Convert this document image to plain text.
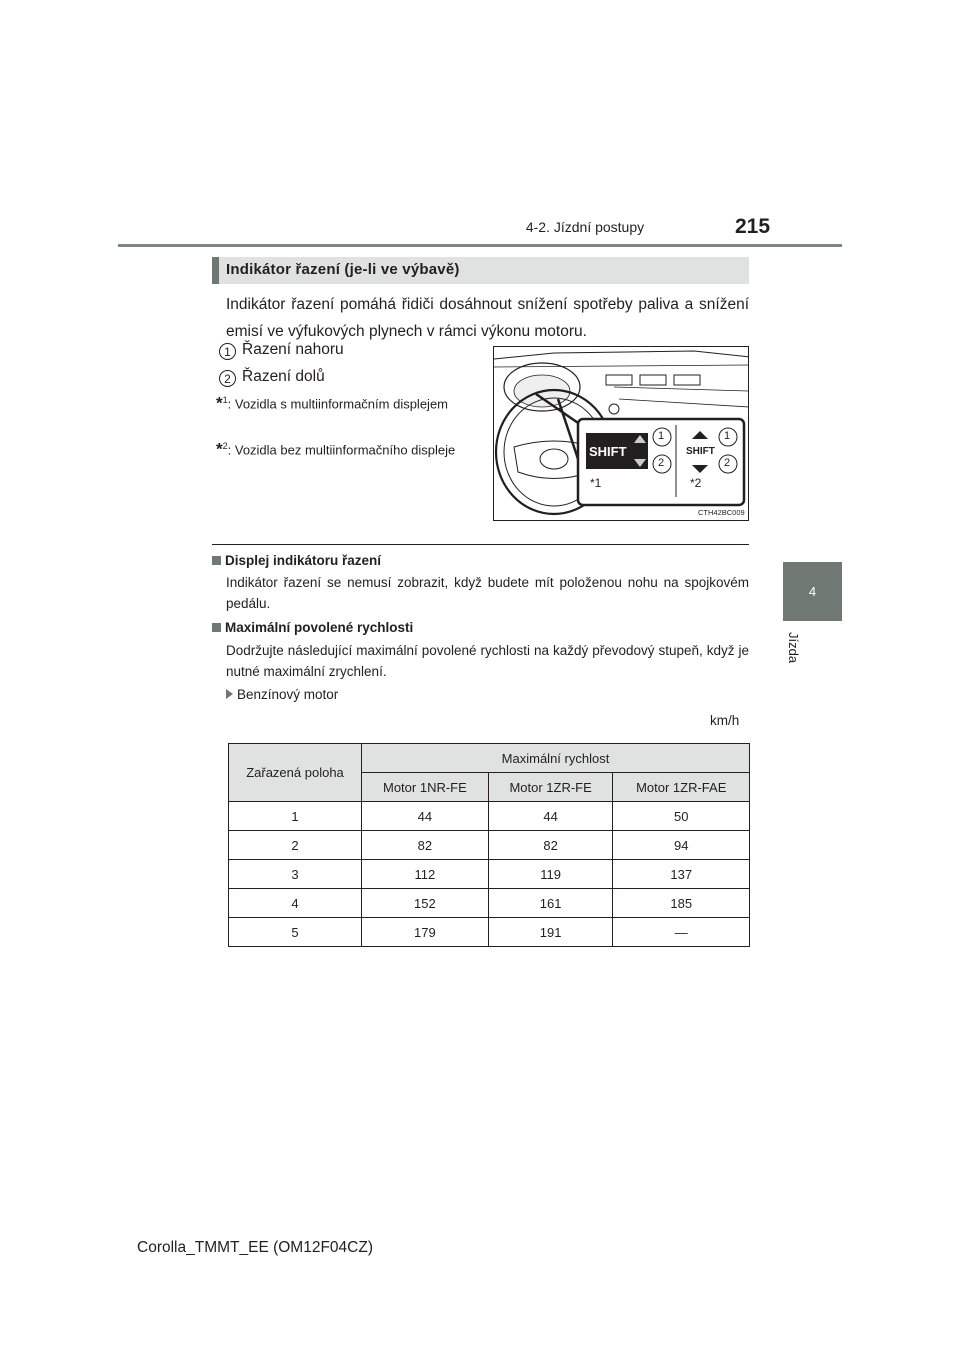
4-2. Jízdní postupy	215
4
Jízda
Indikátor řazení (je-li ve výbavě)
Indikátor řazení pomáhá řidiči dosáhnout snížení spotřeby paliva a snížení emisí ve výfukových plynech v rámci výkonu motoru.
1 Řazení nahoru
2 Řazení dolů
*$^1$: Vozidla s multiinformačním displejem
*$^2$: Vozidla bez multiinformačního displeje	SHIFT	SHIFT
1
2
1
2
*1	*2
CTH42BC009
Displej indikátoru řazení
Indikátor řazení se nemusí zobrazit, když budete mít položenou nohu na spojkovém pedálu.
Maximální povolené rychlosti
Dodržujte následující maximální povolené rychlosti na každý převodový stupeň, když je nutné maximální zrychlení.
Benzínový motor
km/h
Zařazená poloha	Maximální rychlost		
	Motor 1NR-FE	Motor 1ZR-FE	Motor 1ZR-FAE
1	44	44	50
2	82	82	94
3	112	119	137
4	152	161	185
5	179	191	—
Corolla_TMMT_EE (OM12F04CZ)
